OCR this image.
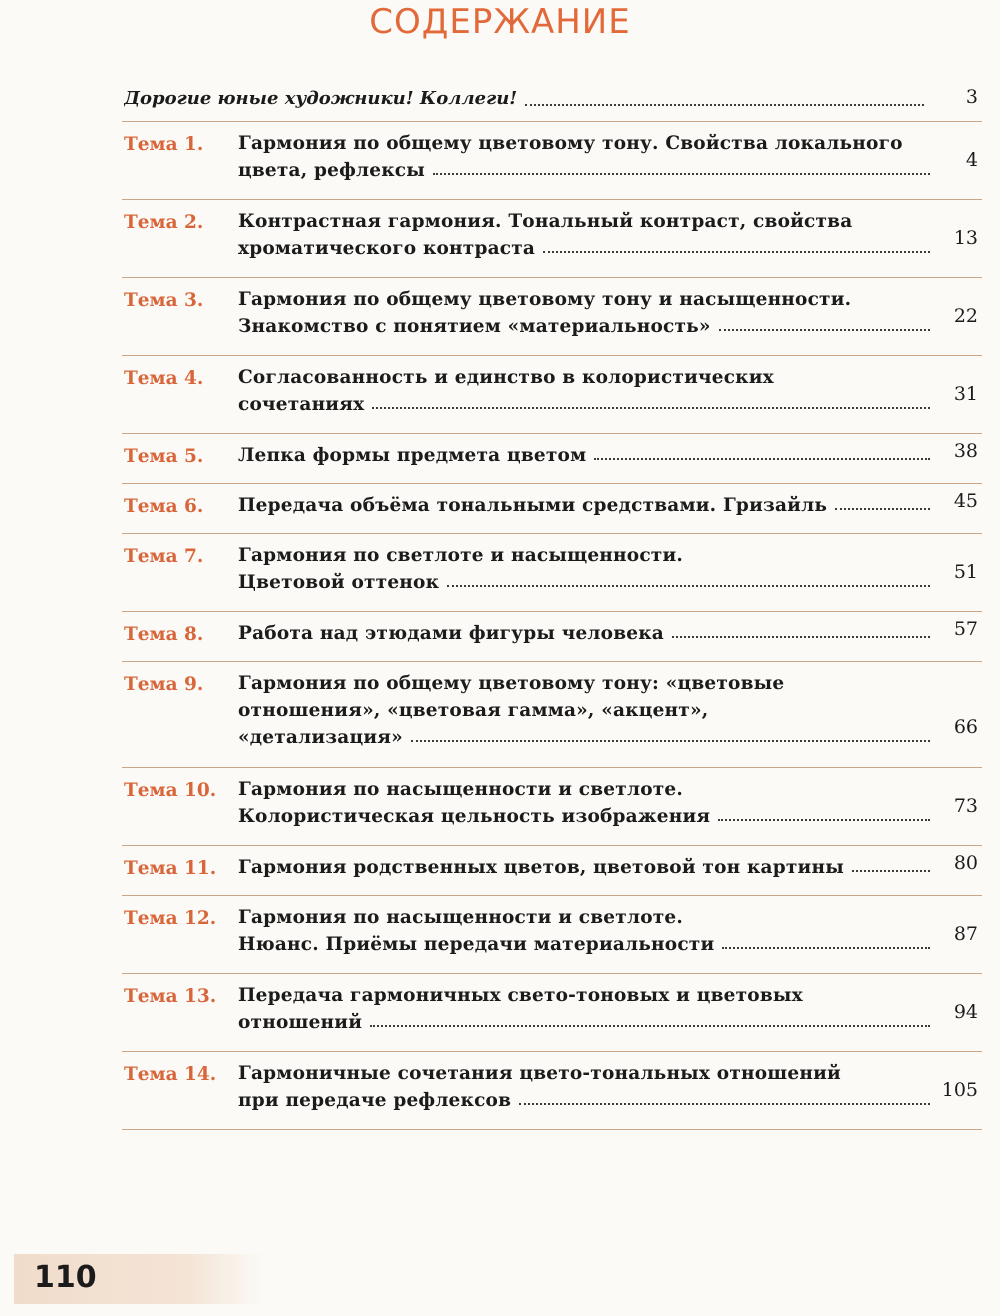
СОДЕРЖАНИЕ
Дорогие юные художники! Коллеги!	3
Тема 1. Гармония по общему цветовому тону. Свойства локального
цвета, рефлексы	4
Тема 2. Контрастная гармония. Тональный контраст, свойства
хроматического контраста	13
Тема 3. Гармония по общему цветовому тону и насыщенности.
Знакомство с понятием «материальность»	22
Тема 4. Согласованность и единство в колористических
сочетаниях	31
Тема 5. Лепка формы предмета цветом	38
Тема 6. Передача объёма тональными средствами. Гризайль	45
Тема 7. Гармония по светлоте и насыщенности.
Цветовой оттенок	51
Тема 8. Работа над этюдами фигуры человека	57
Тема 9. Гармония по общему цветовому тону: «цветовые
отношения», «цветовая гамма», «акцент»,
«детализация»	66
Тема 10. Гармония по насыщенности и светлоте.
Колористическая цельность изображения	73
Тема 11. Гармония родственных цветов, цветовой тон картины	80
Тема 12. Гармония по насыщенности и светлоте.
Нюанс. Приёмы передачи материальности	87
Тема 13. Передача гармоничных свето-тоновых и цветовых
отношений	94
Тема 14. Гармоничные сочетания цвето-тональных отношений
при передаче рефлексов	105
110
